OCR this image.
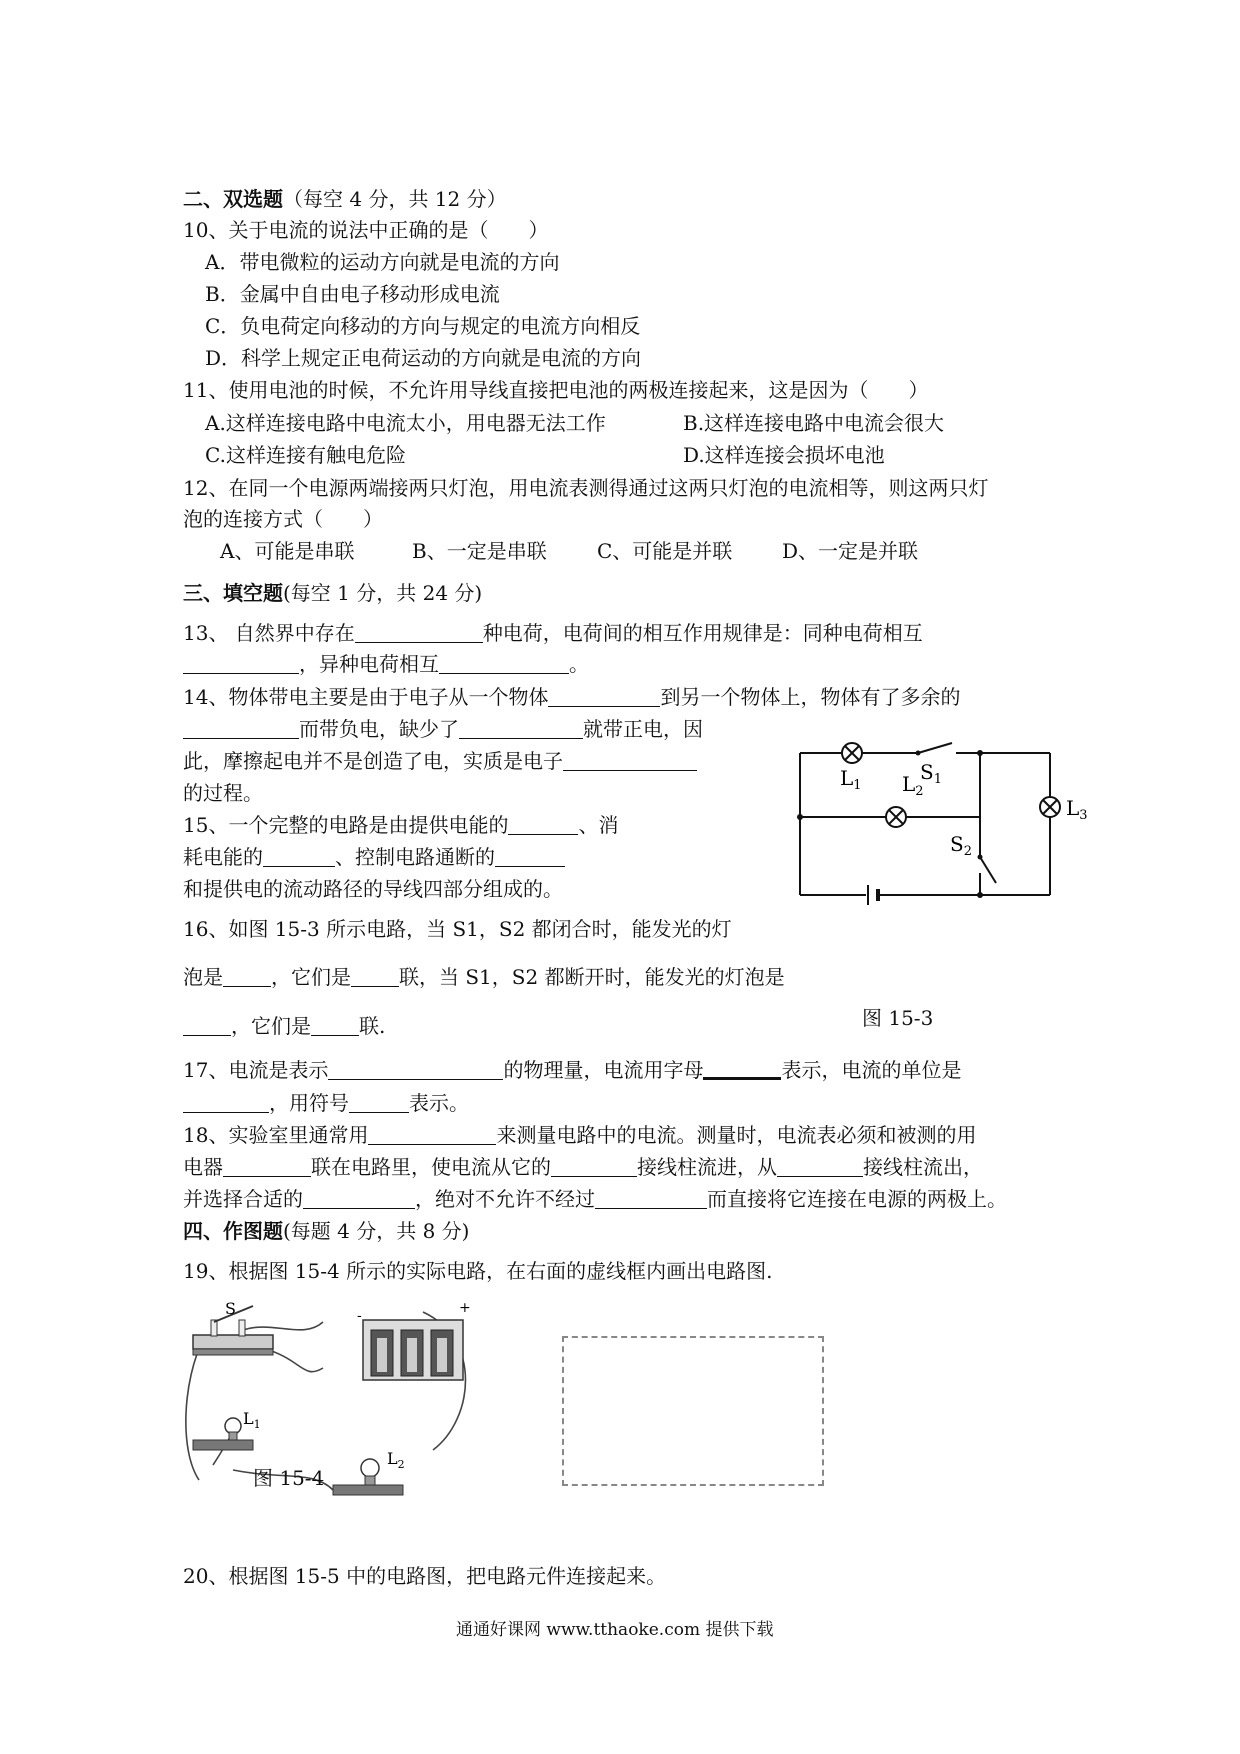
二、双选题（每空 4 分，共 12 分）
10、关于电流的说法中正确的是（　　）
A．带电微粒的运动方向就是电流的方向
B．金属中自由电子移动形成电流
C．负电荷定向移动的方向与规定的电流方向相反
D．科学上规定正电荷运动的方向就是电流的方向
11、使用电池的时候，不允许用导线直接把电池的两极连接起来，这是因为（　　）
A.这样连接电路中电流太小，用电器无法工作	B.这样连接电路中电流会很大
C.这样连接有触电危险	D.这样连接会损坏电池
12、在同一个电源两端接两只灯泡，用电流表测得通过这两只灯泡的电流相等，则这两只灯
泡的连接方式（　　）
A、可能是串联	B、一定是串联	C、可能是并联 D、一定是并联
三、填空题(每空 1 分，共 24 分)
13、 自然界中存在	种电荷，电荷间的相互作用规律是：同种电荷相互
，异种电荷相互	。
14、物体带电主要是由于电子从一个物体	到另一个物体上，物体有了多余的
而带负电，缺少了	就带正电，因
此，摩擦起电并不是创造了电，实质是电子
的过程。
15、一个完整的电路是由提供电能的	、消
耗电能的	、控制电路通断的
和提供电的流动路径的导线四部分组成的。
16、如图 15-3 所示电路，当 S1，S2 都闭合时，能发光的灯
泡是 ，它们是 联，当 S1，S2 都断开时，能发光的灯泡是
，它们是 联.
$L_1$ $L_2$
$L_3$
$S_1$
$S_2$
图 15-3
17、电流是表示	的物理量，电流用字母	表示，电流的单位是
，用符号	表示。
18、实验室里通常用	来测量电路中的电流。测量时，电流表必须和被测的用
电器	联在电路里，使电流从它的	接线柱流进，从	接线柱流出，
并选择合适的	，绝对不允许不经过	而直接将它连接在电源的两极上。
四、作图题(每题 4 分，共 8 分)
19、根据图 15-4 所示的实际电路，在右面的虚线框内画出电路图.
S	-	+
$L_1$
$L_2$
图 15-4
20、根据图 15-5 中的电路图，把电路元件连接起来。
通通好课网 www.tthaoke.com 提供下载
